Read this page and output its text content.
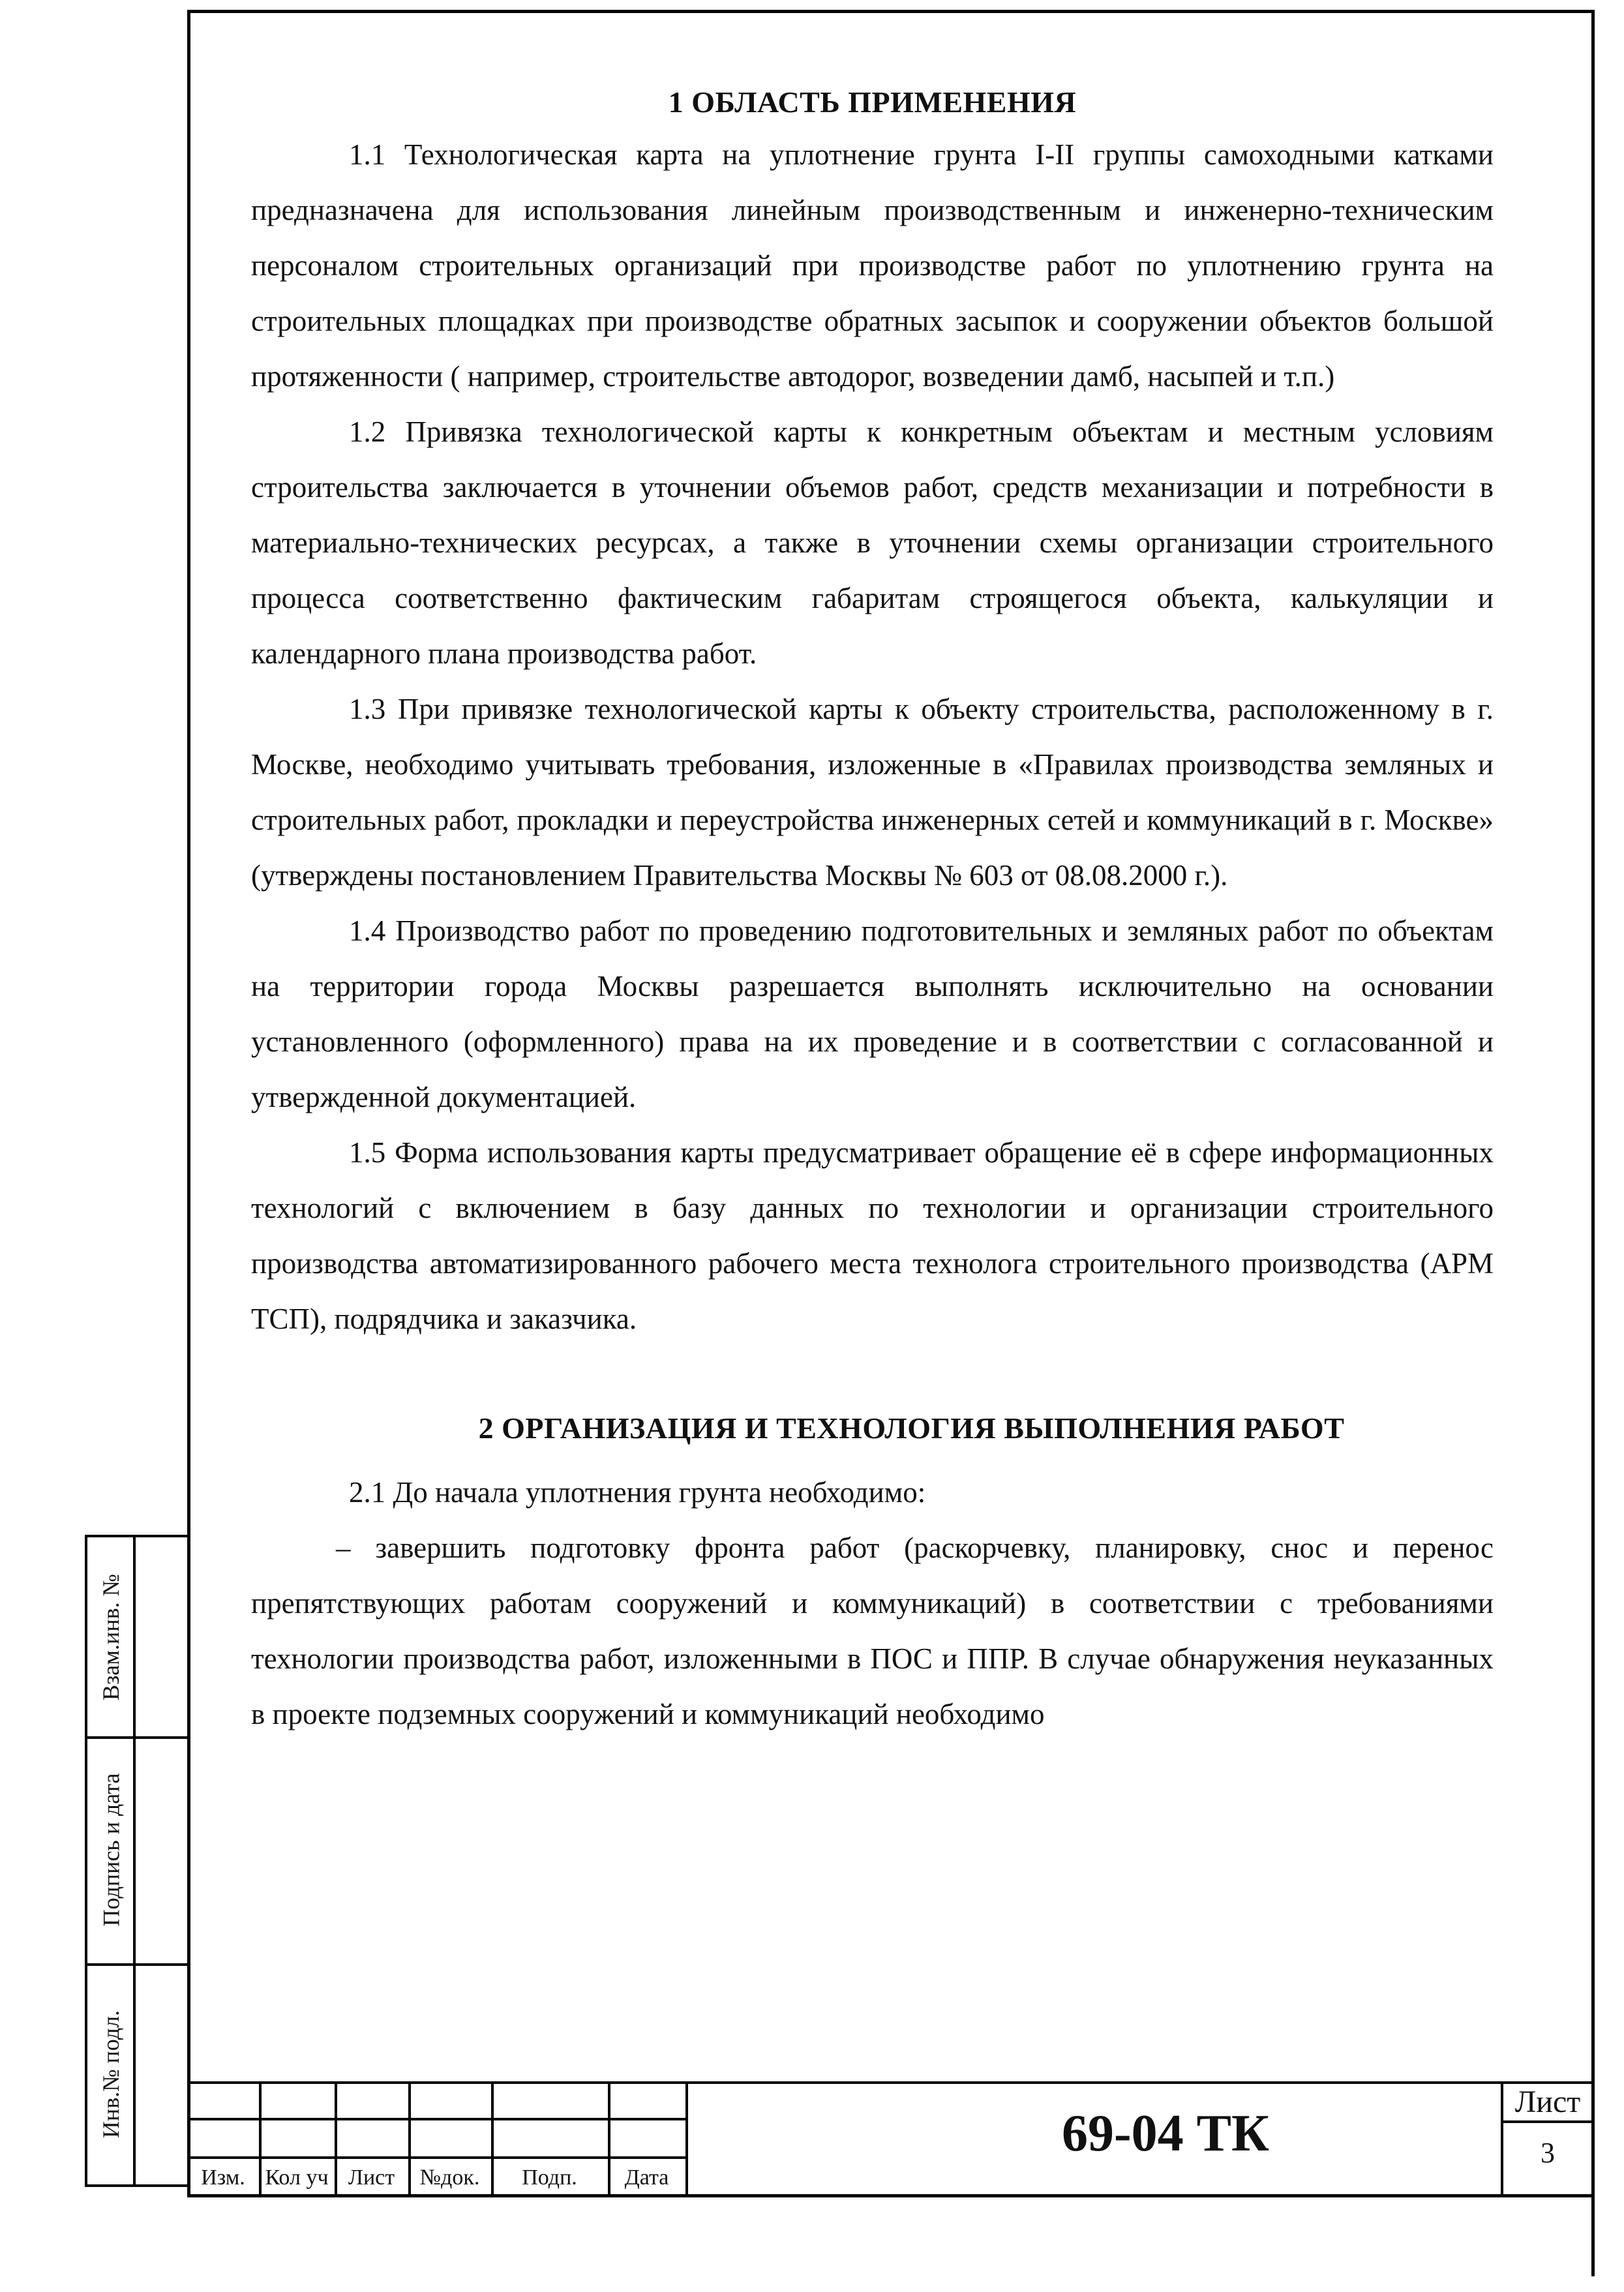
1 ОБЛАСТЬ ПРИМЕНЕНИЯ

1.1 Технологическая карта на уплотнение грунта I-II группы самоходными катками предназначена для использования линейным производственным и инженерно-техническим персоналом строительных организаций при производстве работ по уплотнению грунта на строительных площадках при производстве обратных засыпок и сооружении объектов большой протяженности ( например, строительстве автодорог, возведении дамб, насыпей и т.п.)

1.2 Привязка технологической карты к конкретным объектам и местным условиям строительства заключается в уточнении объемов работ, средств механизации и потребности в материально-технических ресурсах, а также в уточнении схемы организации строительного процесса соответственно фактическим габаритам строящегося объекта, калькуляции и календарного плана производства работ.

1.3 При привязке технологической карты к объекту строительства, расположенному в г. Москве, необходимо учитывать требования, изложенные в «Правилах производства земляных и строительных работ, прокладки и переустройства инженерных сетей и коммуникаций в г. Москве» (утверждены постановлением Правительства Москвы № 603 от 08.08.2000 г.).

1.4 Производство работ по проведению подготовительных и земляных работ по объектам на территории города Москвы разрешается выполнять исключительно на основании установленного (оформленного) права на их проведение и в соответствии с согласованной и утвержденной документацией.

1.5 Форма использования карты предусматривает обращение её в сфере информационных технологий с включением в базу данных по технологии и организации строительного производства автоматизированного рабочего места технолога строительного производства (АРМ ТСП), подрядчика и заказчика.

2 ОРГАНИЗАЦИЯ И ТЕХНОЛОГИЯ ВЫПОЛНЕНИЯ РАБОТ

2.1 До начала уплотнения грунта необходимо:

– завершить подготовку фронта работ (раскорчевку, планировку, снос и перенос препятствующих работам сооружений и коммуникаций) в соответствии с требованиями технологии производства работ, изложенными в ПОС и ППР. В случае обнаружения неуказанных в проекте подземных сооружений и коммуникаций необходимо

Взам.инв. №
Подпись и дата
Инв.№ подл.
Изм. Кол уч Лист	№док.	Подп.	Дата
69-04 ТК
Лист
3
